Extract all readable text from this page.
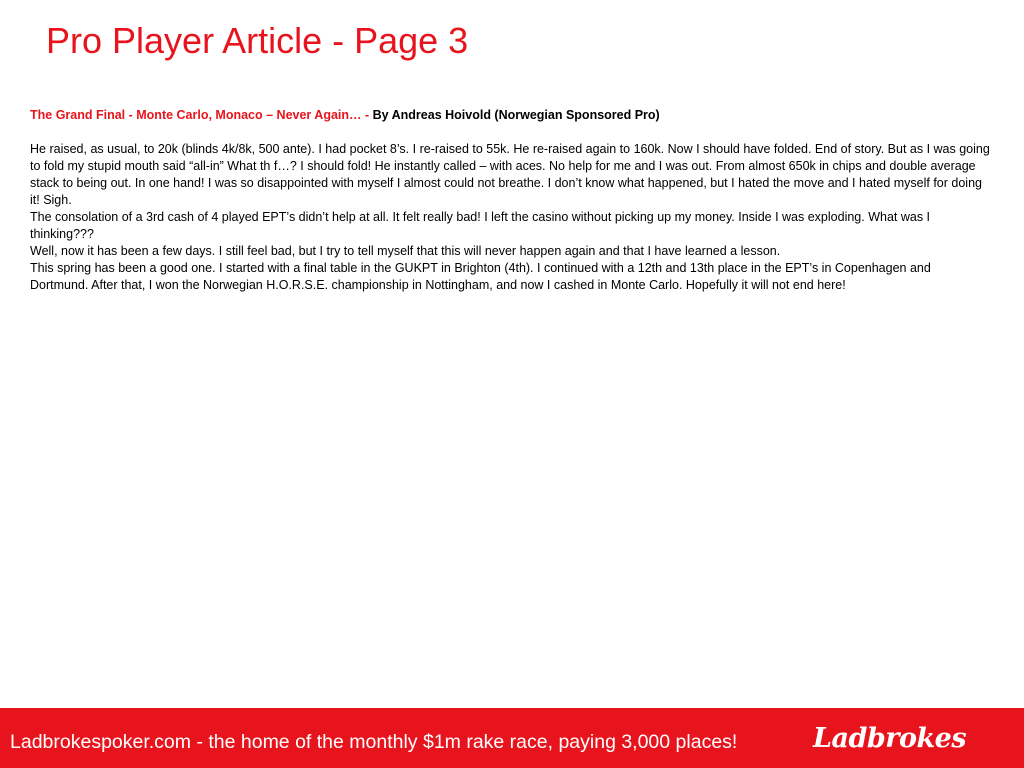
Pro Player Article - Page 3

The Grand Final - Monte Carlo, Monaco – Never Again… - By Andreas Hoivold (Norwegian Sponsored Pro)

He raised, as usual, to 20k (blinds 4k/8k, 500 ante). I had pocket 8’s. I re-raised to 55k. He re-raised again to 160k. Now I should have folded. End of story. But as I was going to fold my stupid mouth said “all-in” What th f…? I should fold! He instantly called – with aces. No help for me and I was out. From almost 650k in chips and double average stack to being out. In one hand! I was so disappointed with myself I almost could not breathe. I don’t know what happened, but I hated the move and I hated myself for doing it! Sigh.

The consolation of a 3rd cash of 4 played EPT’s didn’t help at all. It felt really bad! I left the casino without picking up my money. Inside I was exploding. What was I thinking???

Well, now it has been a few days. I still feel bad, but I try to tell myself that this will never happen again and that I have learned a lesson.

This spring has been a good one. I started with a final table in the GUKPT in Brighton (4th). I continued with a 12th and 13th place in the EPT’s in Copenhagen and Dortmund. After that, I won the Norwegian H.O.R.S.E. championship in Nottingham, and now I cashed in Monte Carlo. Hopefully it will not end here!

Ladbrokespoker.com - the home of the monthly $1m rake race, paying 3,000 places!	Ladbrokes
